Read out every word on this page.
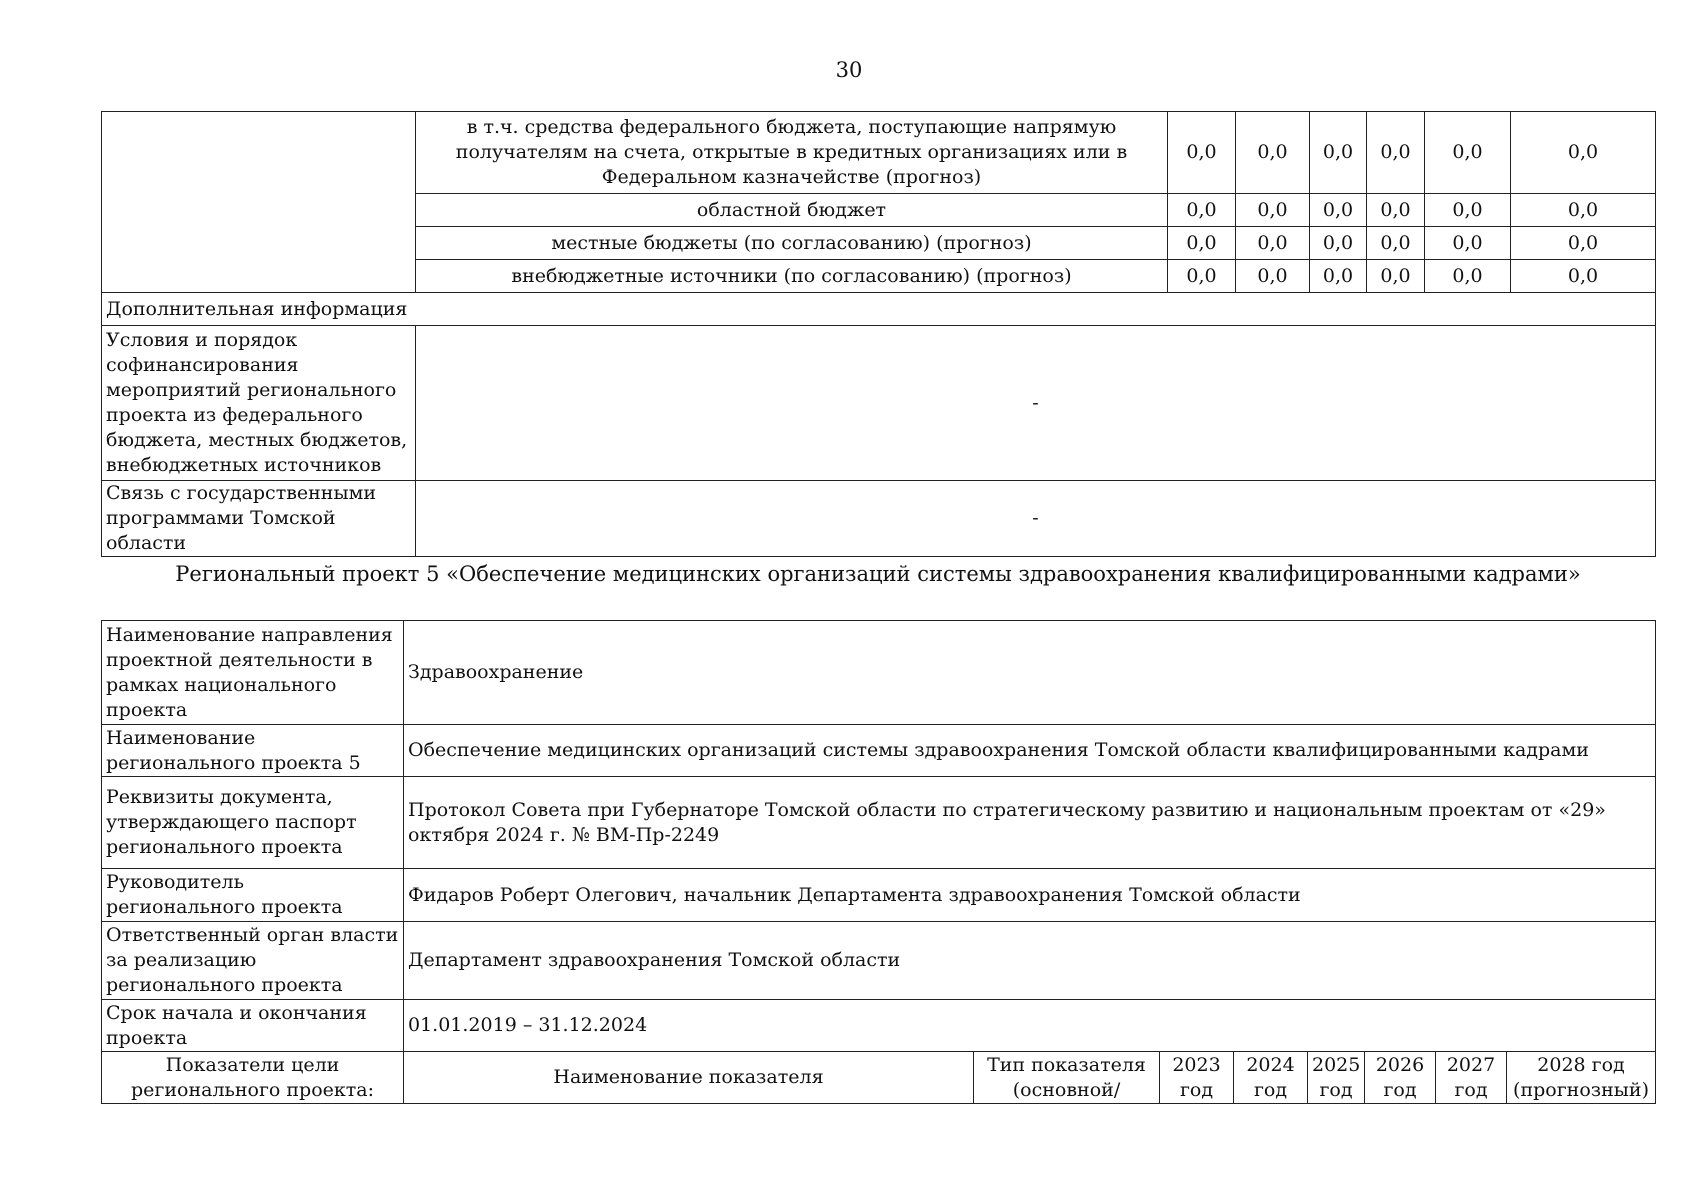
30
	в т.ч. средства федерального бюджета, поступающие напрямую получателям на счета, открытые в кредитных организациях или в Федеральном казначействе (прогноз)	0,0	0,0	0,0	0,0	0,0	0,0
	областной бюджет	0,0	0,0	0,0	0,0	0,0	0,0
	местные бюджеты (по согласованию) (прогноз)	0,0	0,0	0,0	0,0	0,0	0,0
	внебюджетные источники (по согласованию) (прогноз)	0,0	0,0	0,0	0,0	0,0	0,0
Дополнительная информация							
Условия и порядок софинансирования мероприятий регионального проекта из федерального бюджета, местных бюджетов, внебюджетных источников	-						
Связь с государственными программами Томской области	-						
Региональный проект 5 «Обеспечение медицинских организаций системы здравоохранения квалифицированными кадрами»
Наименование направления проектной деятельности в рамках национального проекта	Здравоохранение							
Наименование регионального проекта 5	Обеспечение медицинских организаций системы здравоохранения Томской области квалифицированными кадрами							
Реквизиты документа, утверждающего паспорт регионального проекта	Протокол Совета при Губернаторе Томской области по стратегическому развитию и национальным проектам от «29» октября 2024 г. № ВМ-Пр-2249							
Руководитель регионального проекта	Фидаров Роберт Олегович, начальник Департамента здравоохранения Томской области							
Ответственный орган власти за реализацию регионального проекта	Департамент здравоохранения Томской области							
Срок начала и окончания проекта	01.01.2019 – 31.12.2024							
Показатели цели регионального проекта:	Наименование показателя	Тип показателя (основной/	2023 год	2024 год	2025 год	2026 год	2027 год	2028 год (прогнозный)
